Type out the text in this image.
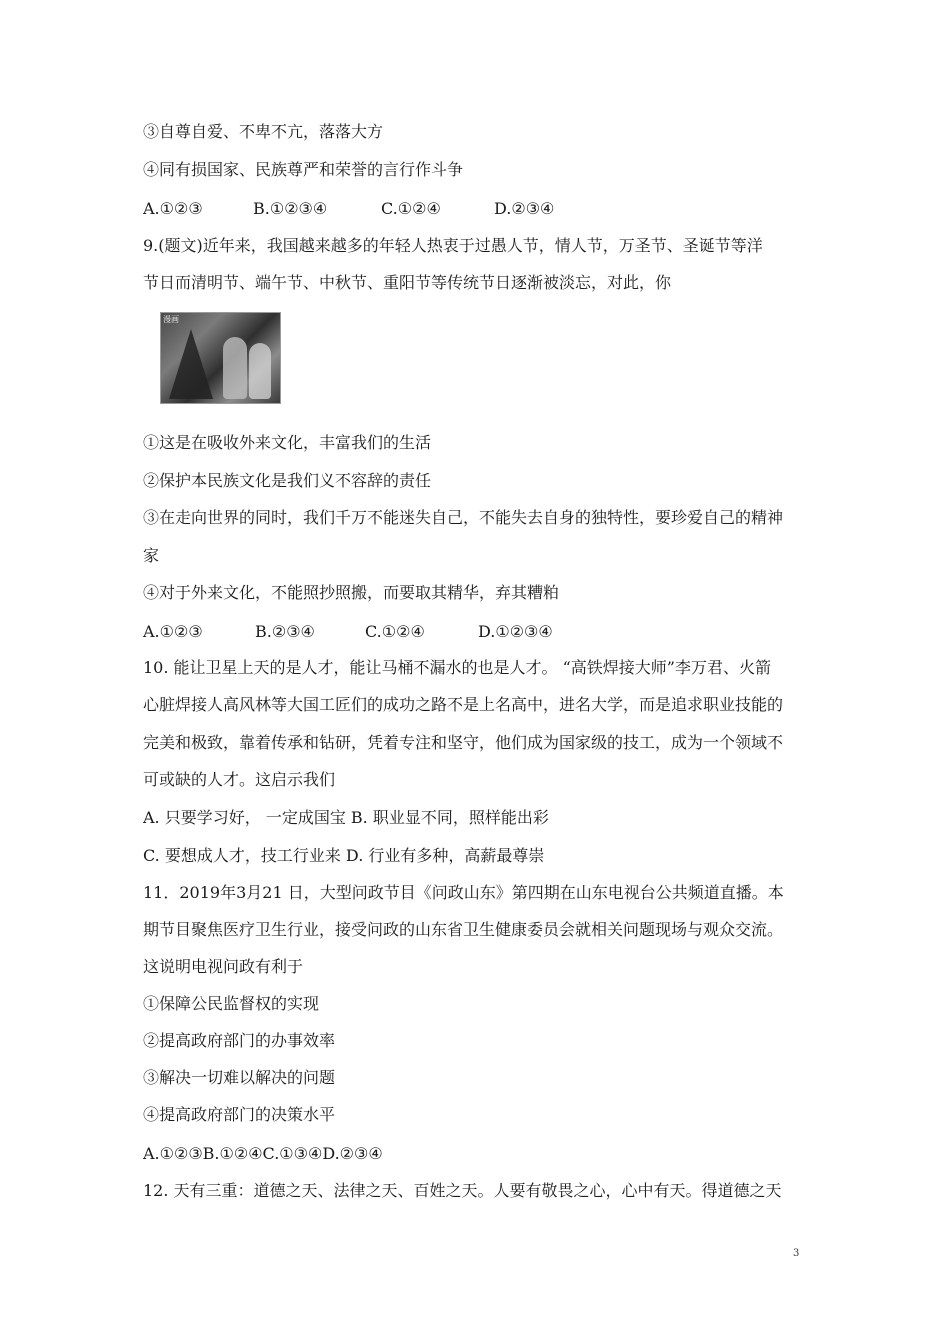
③自尊自爱、不卑不亢，落落大方
④同有损国家、民族尊严和荣誉的言行作斗争
A.①②③	B.①②③④	C.①②④	D.②③④
9.(题文)近年来，我国越来越多的年轻人热衷于过愚人节，情人节，万圣节、圣诞节等洋
节日而清明节、端午节、中秋节、重阳节等传统节日逐渐被淡忘，对此，你
漫画
①这是在吸收外来文化，丰富我们的生活
②保护本民族文化是我们义不容辞的责任
③在走向世界的同时，我们千万不能迷失自己，不能失去自身的独特性，要珍爱自己的精神
家
④对于外来文化，不能照抄照搬，而要取其精华，弃其糟粕
A.①②③	B.②③④	C.①②④	D.①②③④
10. 能让卫星上天的是人才，能让马桶不漏水的也是人才。 “高铁焊接大师”李万君、火箭
心脏焊接人高风林等大国工匠们的成功之路不是上名高中，进名大学，而是追求职业技能的
完美和极致，靠着传承和钻研，凭着专注和坚守，他们成为国家级的技工，成为一个领域不
可或缺的人才。这启示我们
A. 只要学习好， 一定成国宝 B. 职业显不同，照样能出彩
C. 要想成人才，技工行业来 D. 行业有多种，高薪最尊崇
11．2019年3月21 日，大型问政节目《问政山东》第四期在山东电视台公共频道直播。本
期节目聚焦医疗卫生行业，接受问政的山东省卫生健康委员会就相关问题现场与观众交流。
这说明电视问政有利于
①保障公民监督权的实现
②提高政府部门的办事效率
③解决一切难以解决的问题
④提高政府部门的决策水平
A.①②③B.①②④C.①③④D.②③④
12. 天有三重：道德之天、法律之天、百姓之天。人要有敬畏之心，心中有天。得道德之天
3
